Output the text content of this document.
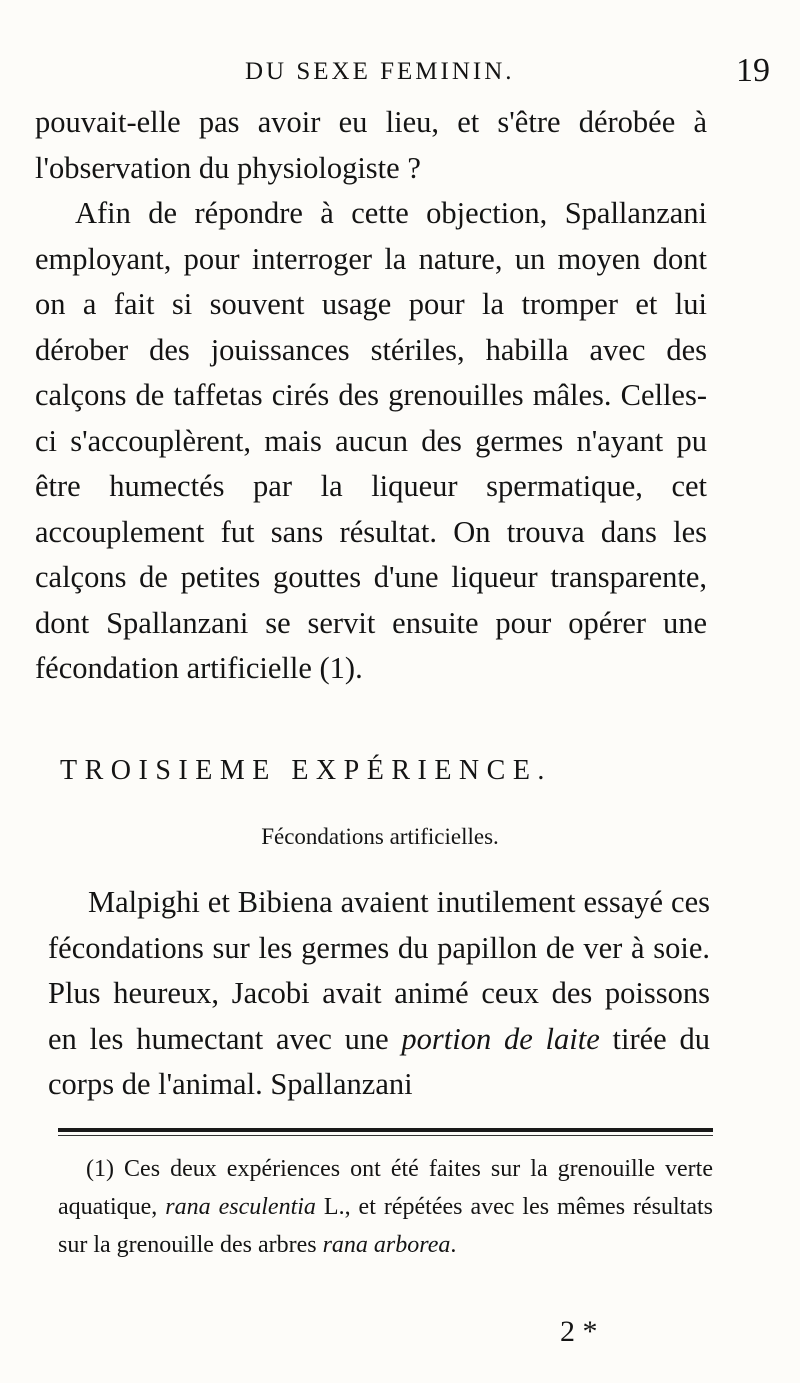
DU SEXE FEMININ.	19

pouvait-elle pas avoir eu lieu, et s'être dérobée à l'observation du physiologiste ?

Afin de répondre à cette objection, Spallanzani employant, pour interroger la nature, un moyen dont on a fait si souvent usage pour la tromper et lui dérober des jouissances stériles, habilla avec des calçons de taffetas cirés des grenouilles mâles. Celles-ci s'accouplèrent, mais aucun des germes n'ayant pu être humectés par la liqueur spermatique, cet accouplement fut sans résultat. On trouva dans les calçons de petites gouttes d'une liqueur transparente, dont Spallanzani se servit ensuite pour opérer une fécondation artificielle (1).

TROISIEME EXPÉRIENCE.
Fécondations artificielles.

Malpighi et Bibiena avaient inutilement essayé ces fécondations sur les germes du papillon de ver à soie. Plus heureux, Jacobi avait animé ceux des poissons en les humectant avec une portion de laite tirée du corps de l'animal. Spallanzani

(1) Ces deux expériences ont été faites sur la grenouille verte aquatique, rana esculentia L., et répétées avec les mêmes résultats sur la grenouille des arbres rana arborea.

2 *
